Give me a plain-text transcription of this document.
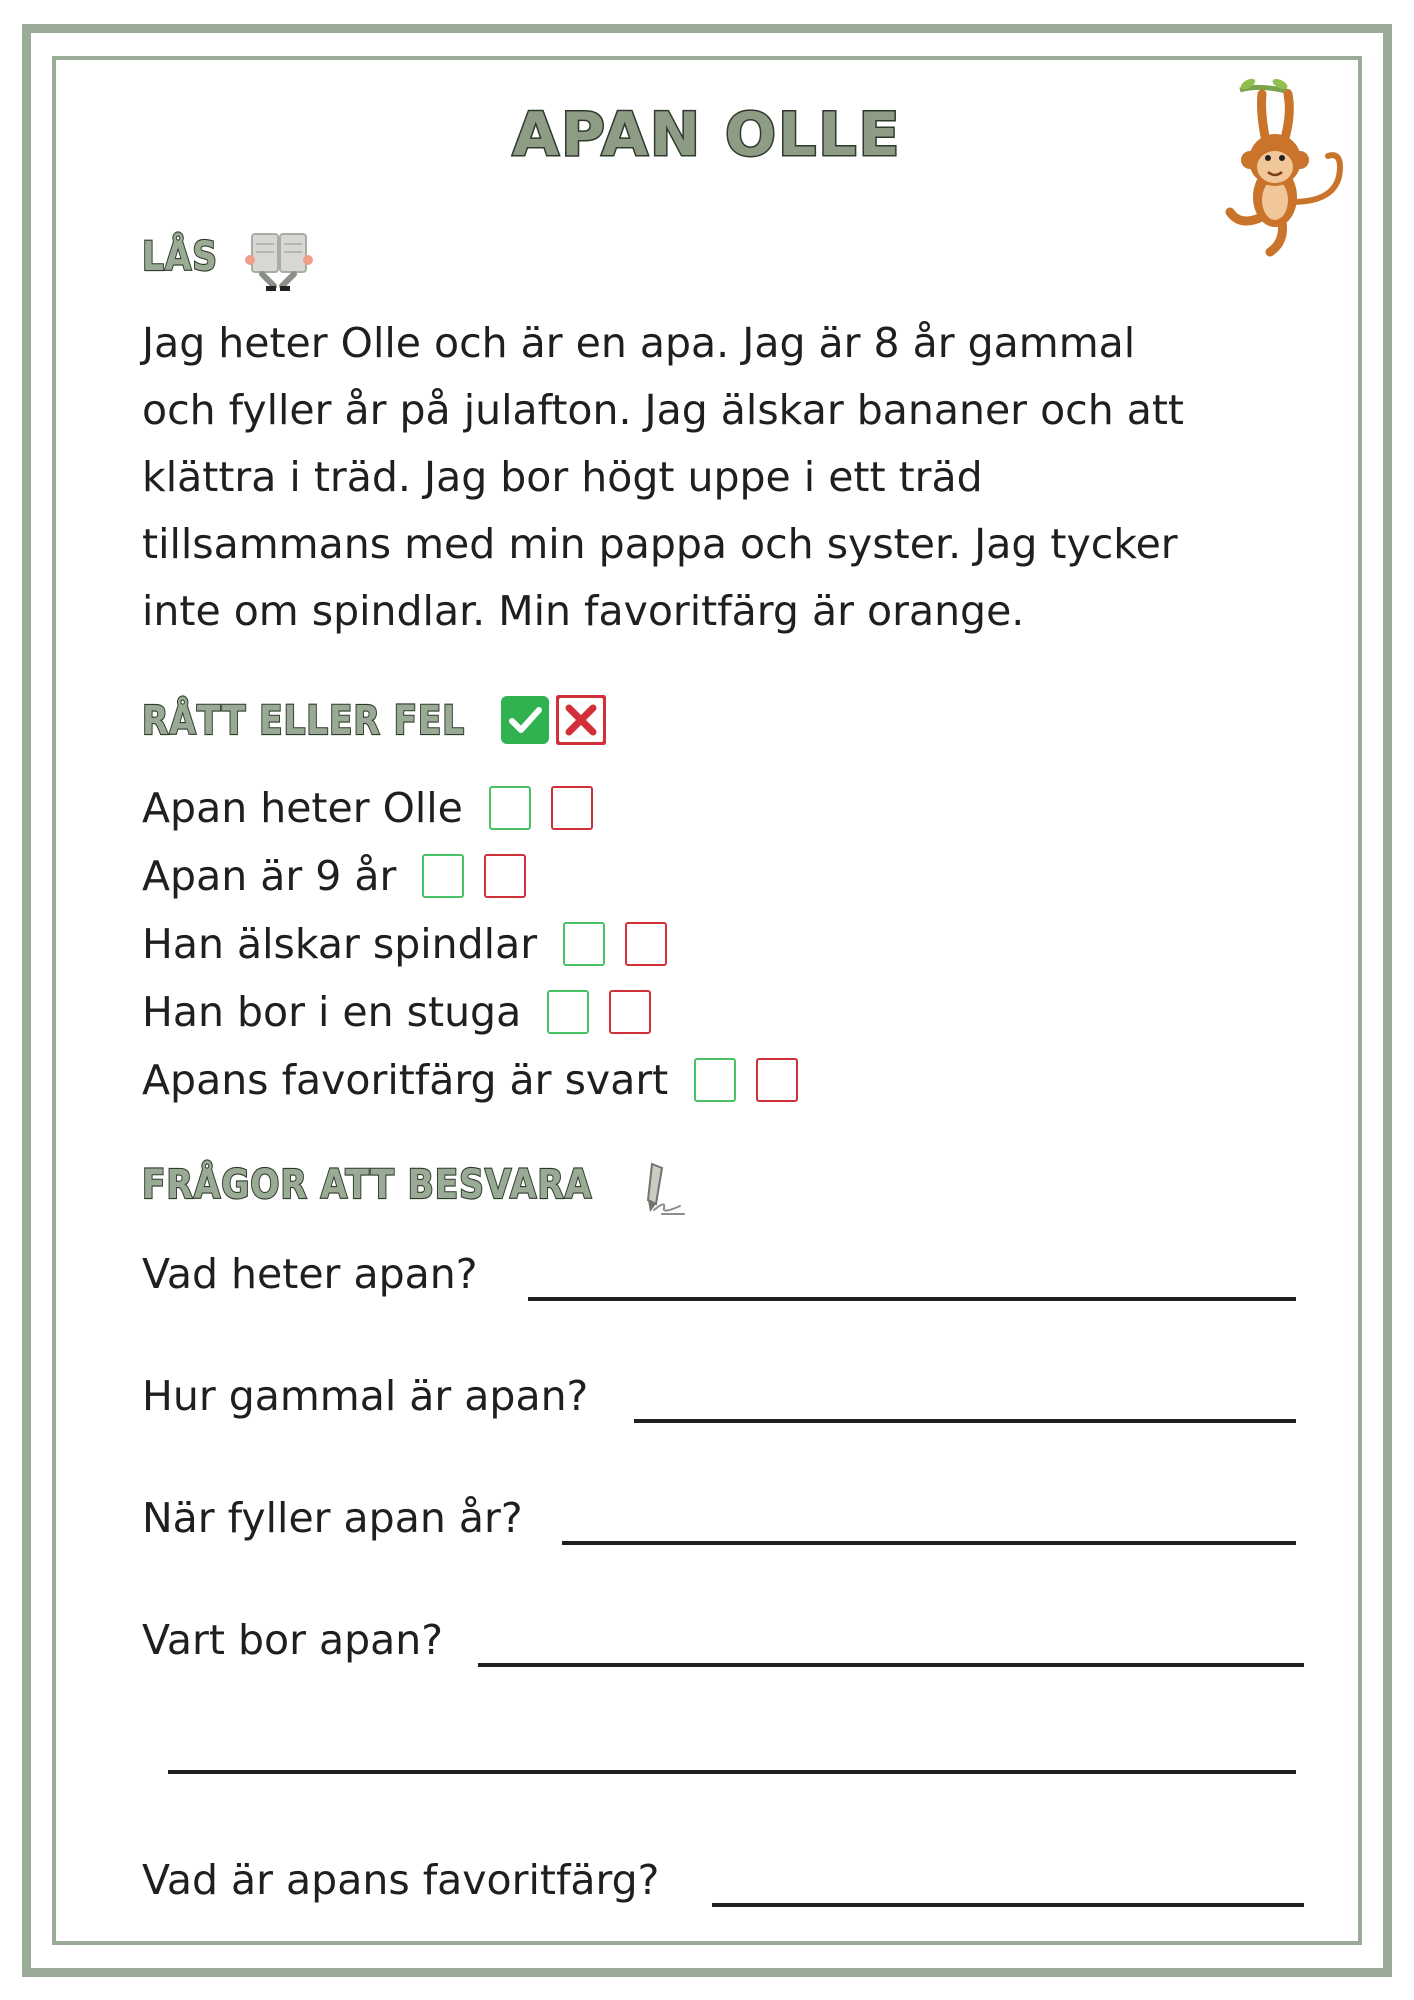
APAN OLLE
LÅS
Jag heter Olle och är en apa. Jag är 8 år gammal
och fyller år på julafton. Jag älskar bananer och att
klättra i träd. Jag bor högt uppe i ett träd
tillsammans med min pappa och syster. Jag tycker
inte om spindlar. Min favoritfärg är orange.
RÅTT ELLER FEL
Apan heter Olle
Apan är 9 år
Han älskar spindlar
Han bor i en stuga
Apans favoritfärg är svart
FRÅGOR ATT BESVARA
Vad heter apan?
Hur gammal är apan?
När fyller apan år?
Vart bor apan?
Vad är apans favoritfärg?
